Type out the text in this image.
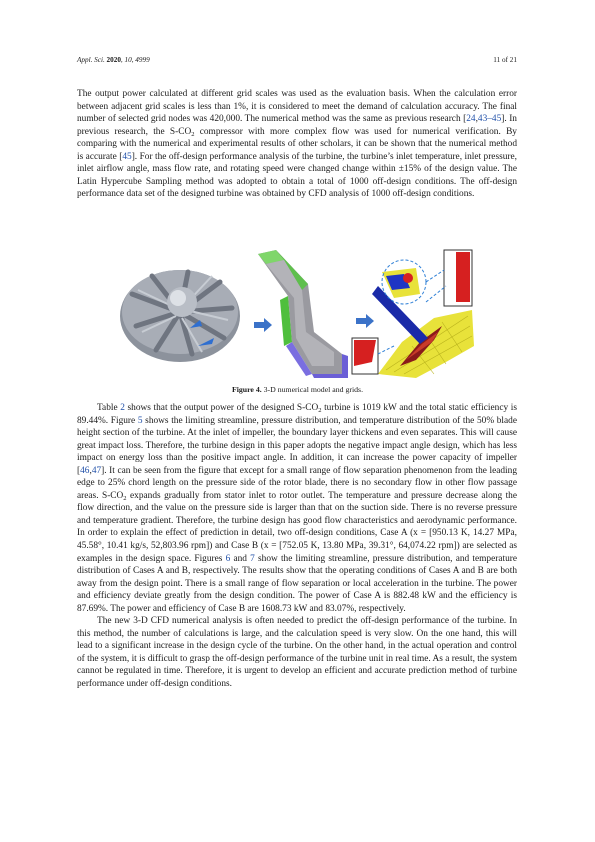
Appl. Sci. 2020, 10, 4999	11 of 21

The output power calculated at different grid scales was used as the evaluation basis. When the calculation error between adjacent grid scales is less than 1%, it is considered to meet the demand of calculation accuracy. The final number of selected grid nodes was 420,000. The numerical method was the same as previous research [24,43–45]. In previous research, the $S-CO_2$ compressor with more complex flow was used for numerical verification. By comparing with the numerical and experimental results of other scholars, it can be shown that the numerical method is accurate [45]. For the off-design performance analysis of the turbine, the turbine’s inlet temperature, inlet pressure, inlet airflow angle, mass flow rate, and rotating speed were changed change within ±15% of the design value. The Latin Hypercube Sampling method was adopted to obtain a total of 1000 off-design conditions. The off-design performance data set of the designed turbine was obtained by CFD analysis of 1000 off-design conditions.

Figure 4. 3-D numerical model and grids.

Table 2 shows that the output power of the designed $S-CO_2$ turbine is 1019 kW and the total static efficiency is 89.44%. Figure 5 shows the limiting streamline, pressure distribution, and temperature distribution of the 50% blade height section of the turbine. At the inlet of impeller, the boundary layer thickens and even separates. This will cause great impact loss. Therefore, the turbine design in this paper adopts the negative impact angle design, which has less impact on energy loss than the positive impact angle. In addition, it can increase the power capacity of impeller [46,47]. It can be seen from the figure that except for a small range of flow separation phenomenon from the leading edge to 25% chord length on the pressure side of the rotor blade, there is no secondary flow in other flow passage areas. $S-CO_2$ expands gradually from stator inlet to rotor outlet. The temperature and pressure decrease along the flow direction, and the value on the pressure side is larger than that on the suction side. There is no reverse pressure and temperature gradient. Therefore, the turbine design has good flow characteristics and aerodynamic performance. In order to explain the effect of prediction in detail, two off-design conditions, Case A (x = [950.13 K, 14.27 MPa, 45.58°, 10.41 kg/s, 52,803.96 rpm]) and Case B (x = [752.05 K, 13.80 MPa, 39.31°, 64,074.22 rpm]) are selected as examples in the design space. Figures 6 and 7 show the limiting streamline, pressure distribution, and temperature distribution of Cases A and B, respectively. The results show that the operating conditions of Cases A and B are both away from the design point. There is a small range of flow separation or local acceleration in the turbine. The power and efficiency deviate greatly from the design condition. The power of Case A is 882.48 kW and the efficiency is 87.69%. The power and efficiency of Case B are 1608.73 kW and 83.07%, respectively.

The new 3-D CFD numerical analysis is often needed to predict the off-design performance of the turbine. In this method, the number of calculations is large, and the calculation speed is very slow. On the one hand, this will lead to a significant increase in the design cycle of the turbine. On the other hand, in the actual operation and control of the system, it is difficult to grasp the off-design performance of the turbine unit in real time. As a result, the system cannot be regulated in time. Therefore, it is urgent to develop an efficient and accurate prediction method of turbine performance under off-design conditions.
